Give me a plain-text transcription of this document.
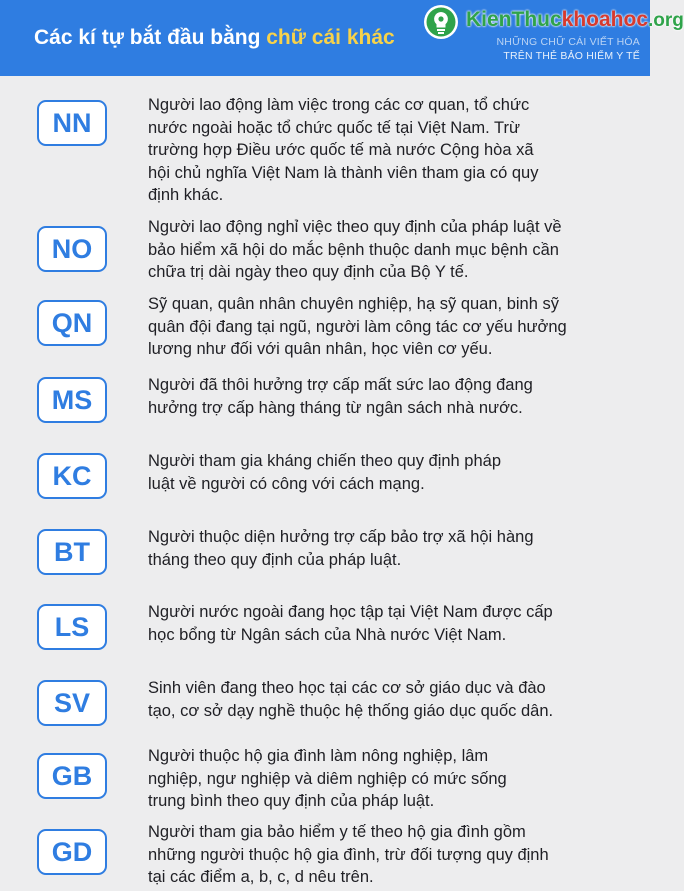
Các kí tự bắt đầu bằng chữ cái khác	NHỮNG CHỮ CÁI VIẾT HÓA
TRÊN THẺ BẢO HIỂM Y TẾ
KienThuckhoahoc.org
NN
Người lao động làm việc trong các cơ quan, tổ chức
nước ngoài hoặc tổ chức quốc tế tại Việt Nam. Trừ
trường hợp Điều ước quốc tế mà nước Cộng hòa xã
hội chủ nghĩa Việt Nam là thành viên tham gia có quy
định khác.
NO
Người lao động nghỉ việc theo quy định của pháp luật về
bảo hiểm xã hội do mắc bệnh thuộc danh mục bệnh cần
chữa trị dài ngày theo quy định của Bộ Y tế.
QN
Sỹ quan, quân nhân chuyên nghiệp, hạ sỹ quan, binh sỹ
quân đội đang tại ngũ, người làm công tác cơ yếu hưởng
lương như đối với quân nhân, học viên cơ yếu.
MS	Người đã thôi hưởng trợ cấp mất sức lao động đang
hưởng trợ cấp hàng tháng từ ngân sách nhà nước.
KC	Người tham gia kháng chiến theo quy định pháp
luật về người có công với cách mạng.
BT	Người thuộc diện hưởng trợ cấp bảo trợ xã hội hàng
tháng theo quy định của pháp luật.
LS	Người nước ngoài đang học tập tại Việt Nam được cấp
học bổng từ Ngân sách của Nhà nước Việt Nam.
SV	Sinh viên đang theo học tại các cơ sở giáo dục và đào
tạo, cơ sở dạy nghề thuộc hệ thống giáo dục quốc dân.
GB
Người thuộc hộ gia đình làm nông nghiệp, lâm
nghiệp, ngư nghiệp và diêm nghiệp có mức sống
trung bình theo quy định của pháp luật.
GD
Người tham gia bảo hiểm y tế theo hộ gia đình gồm
những người thuộc hộ gia đình, trừ đối tượng quy định
tại các điểm a, b, c, d nêu trên.
